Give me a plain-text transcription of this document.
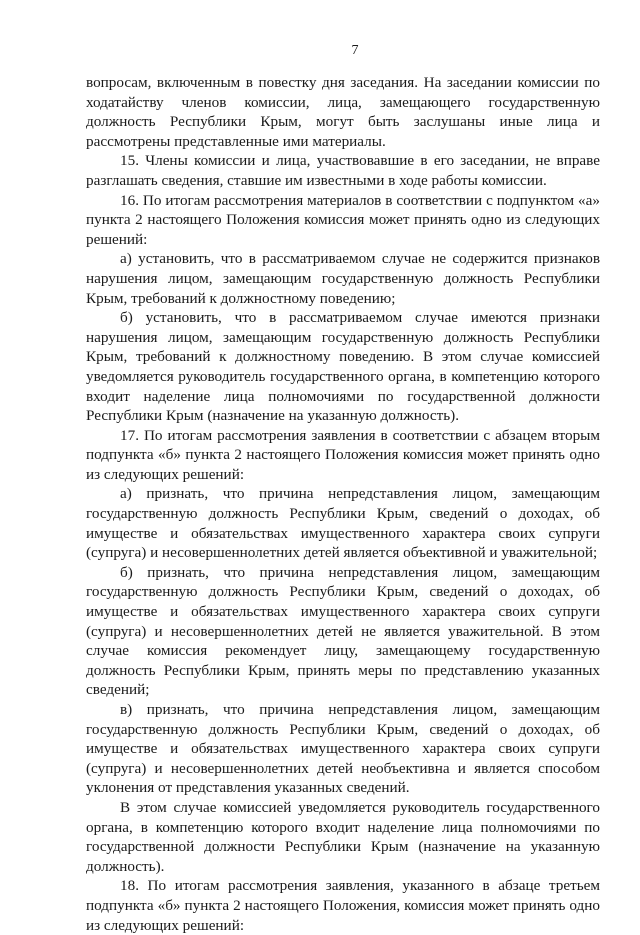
7

вопросам, включенным в повестку дня заседания. На заседании комиссии по ходатайству членов комиссии, лица, замещающего государственную должность Республики Крым, могут быть заслушаны иные лица и рассмотрены представленные ими материалы.

15. Члены комиссии и лица, участвовавшие в его заседании, не вправе разглашать сведения, ставшие им известными в ходе работы комиссии.

16. По итогам рассмотрения материалов в соответствии с подпунктом «а» пункта 2 настоящего Положения комиссия может принять одно из следующих решений:

а) установить, что в рассматриваемом случае не содержится признаков нарушения лицом, замещающим государственную должность Республики Крым, требований к должностному поведению;

б) установить, что в рассматриваемом случае имеются признаки нарушения лицом, замещающим государственную должность Республики Крым, требований к должностному поведению. В этом случае комиссией уведомляется руководитель государственного органа, в компетенцию которого входит наделение лица полномочиями по государственной должности Республики Крым (назначение на указанную должность).

17. По итогам рассмотрения заявления в соответствии с абзацем вторым подпункта «б» пункта 2 настоящего Положения комиссия может принять одно из следующих решений:

а) признать, что причина непредставления лицом, замещающим государственную должность Республики Крым, сведений о доходах, об имуществе и обязательствах имущественного характера своих супруги (супруга) и несовершеннолетних детей является объективной и уважительной;

б) признать, что причина непредставления лицом, замещающим государственную должность Республики Крым, сведений о доходах, об имуществе и обязательствах имущественного характера своих супруги (супруга) и несовершеннолетних детей не является уважительной. В этом случае комиссия рекомендует лицу, замещающему государственную должность Республики Крым, принять меры по представлению указанных сведений;

в) признать, что причина непредставления лицом, замещающим государственную должность Республики Крым, сведений о доходах, об имуществе и обязательствах имущественного характера своих супруги (супруга) и несовершеннолетних детей необъективна и является способом уклонения от представления указанных сведений.

В этом случае комиссией уведомляется руководитель государственного органа, в компетенцию которого входит наделение лица полномочиями по государственной должности Республики Крым (назначение на указанную должность).

18. По итогам рассмотрения заявления, указанного в абзаце третьем подпункта «б» пункта 2 настоящего Положения, комиссия может принять одно из следующих решений:
